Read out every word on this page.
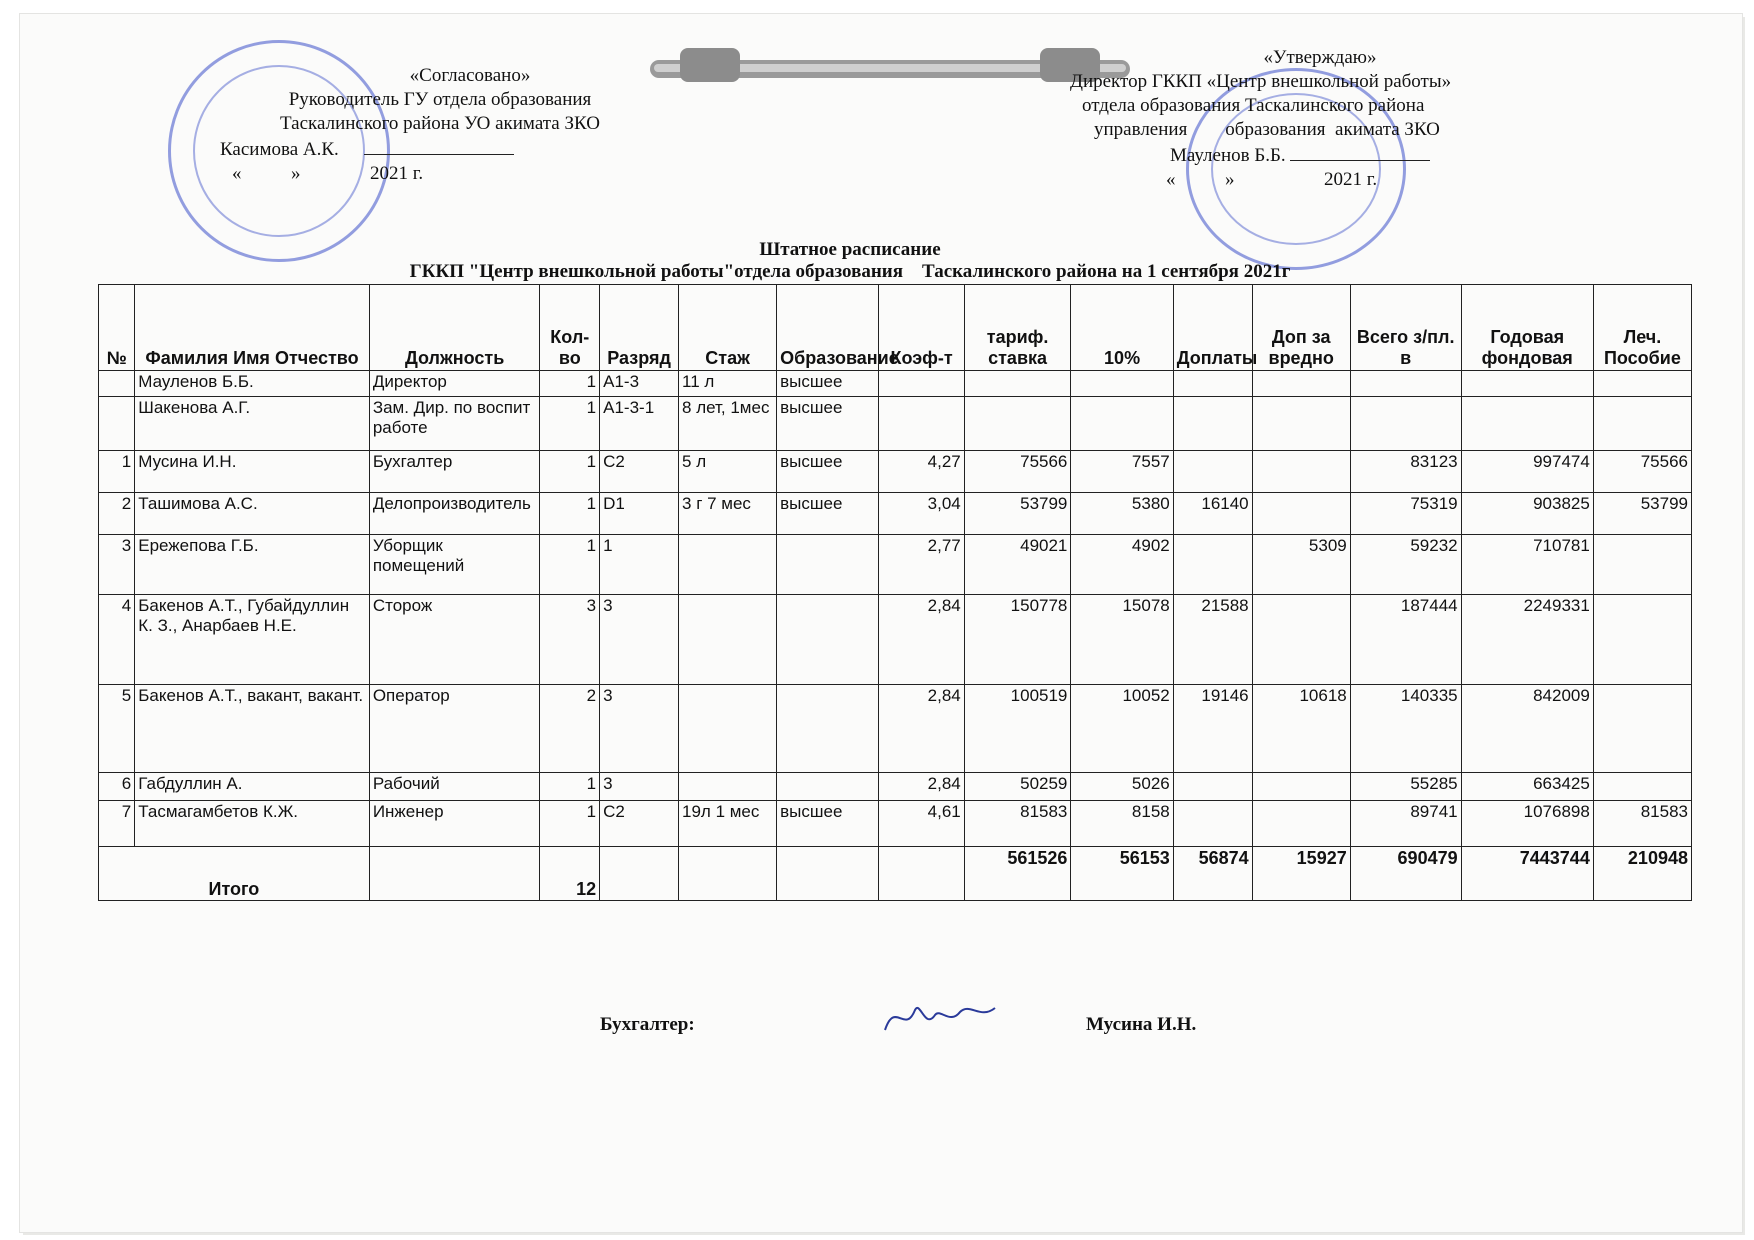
«Согласовано»
Руководитель ГУ отдела образования
Таскалинского района УО акимата ЗКО
Касимова А.К.
«	»	2021 г.
«Утверждаю»
Директор ГККП «Центр внешкольной работы»
отдела образования Таскалинского района
управления        образования  акимата ЗКО
Мауленов Б.Б.
«	»	2021 г.
Штатное расписание
ГККП "Центр внешкольной работы"отдела образования    Таскалинского района на 1 сентября 2021г
№	Фамилия Имя Отчество	Должность	Кол-во	Разряд	Стаж	Образование	Коэф-т	тариф. ставка	10%	Доплаты	Доп за вредно	Всего з/пл. в	Годовая фондовая	Леч. Пособие
	Мауленов Б.Б.	Директор	1	А1-3	11 л	высшее								
	Шакенова А.Г.	Зам. Дир. по воспит работе	1	А1-3-1	8 лет, 1мес	высшее								
1	Мусина И.Н.	Бухгалтер	1	С2	5 л	высшее	4,27	75566	7557			83123	997474	75566
2	Ташимова А.С.	Делопроизводитель	1	D1	3 г 7 мес	высшее	3,04	53799	5380	16140		75319	903825	53799
3	Ережепова Г.Б.	Уборщик помещений	1	1			2,77	49021	4902		5309	59232	710781	
4	Бакенов А.Т., Губайдуллин К. З., Анарбаев Н.Е.	Сторож	3	3			2,84	150778	15078	21588		187444	2249331	
5	Бакенов А.Т., вакант, вакант.	Оператор	2	3			2,84	100519	10052	19146	10618	140335	842009	
6	Габдуллин А.	Рабочий	1	3			2,84	50259	5026			55285	663425	
7	Тасмагамбетов К.Ж.	Инженер	1	С2	19л 1 мес	высшее	4,61	81583	8158			89741	1076898	81583
Итого			12					561526	56153	56874	15927	690479	7443744	210948
Бухгалтер:	Мусина И.Н.
